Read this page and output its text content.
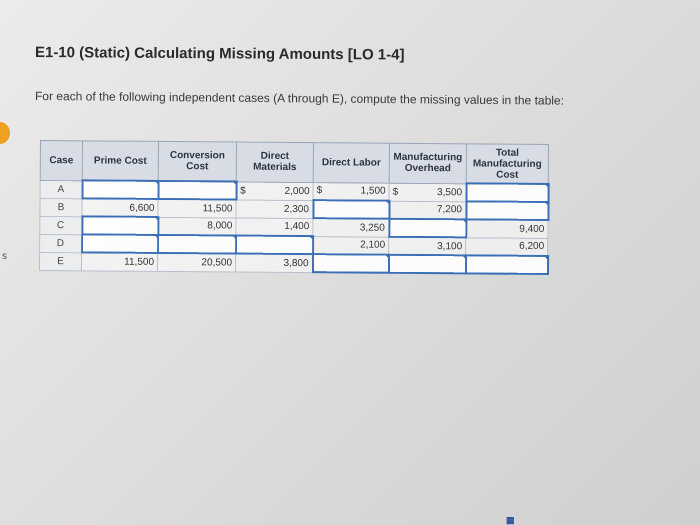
s
E1-10 (Static) Calculating Missing Amounts [LO 1-4]
For each of the following independent cases (A through E), compute the missing values in the table:
Case	Prime Cost	Conversion Cost	Direct Materials	Direct Labor	Manufacturing Overhead	Total Manufacturing Cost
A			$ 2,000	$ 1,500	$ 3,500	
B	6,600	11,500	2,300		7,200	
C		8,000	1,400	3,250		9,400
D				2,100	3,100	6,200
E	11,500	20,500	3,800			
▦
